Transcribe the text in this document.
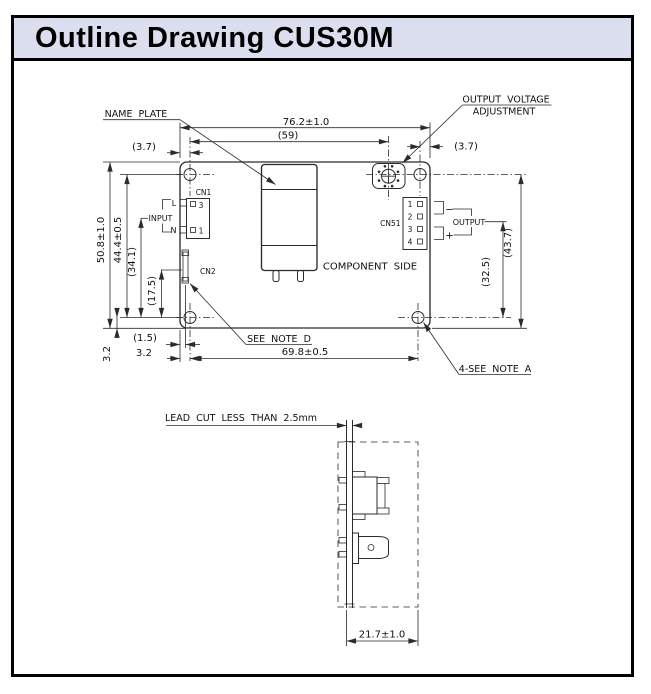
Outline Drawing CUS30M
CN1
3
1
L
N
INPUT
CN2
1
2
3
4
CN51
−
+
OUTPUT
COMPONENT SIDE
76.2±1.0
(59)
(3.7)	(3.7)
NAME PLATE
OUTPUT VOLTAGE
ADJUSTMENT
50.8±1.0 44.4±0.5 (34.1)
(17.5)
3.2
(1.5)
3.2	69.8±0.5
SEE NOTE D
4-SEE NOTE A
(43.7)
(32.5)
LEAD CUT LESS THAN 2.5mm
21.7±1.0
